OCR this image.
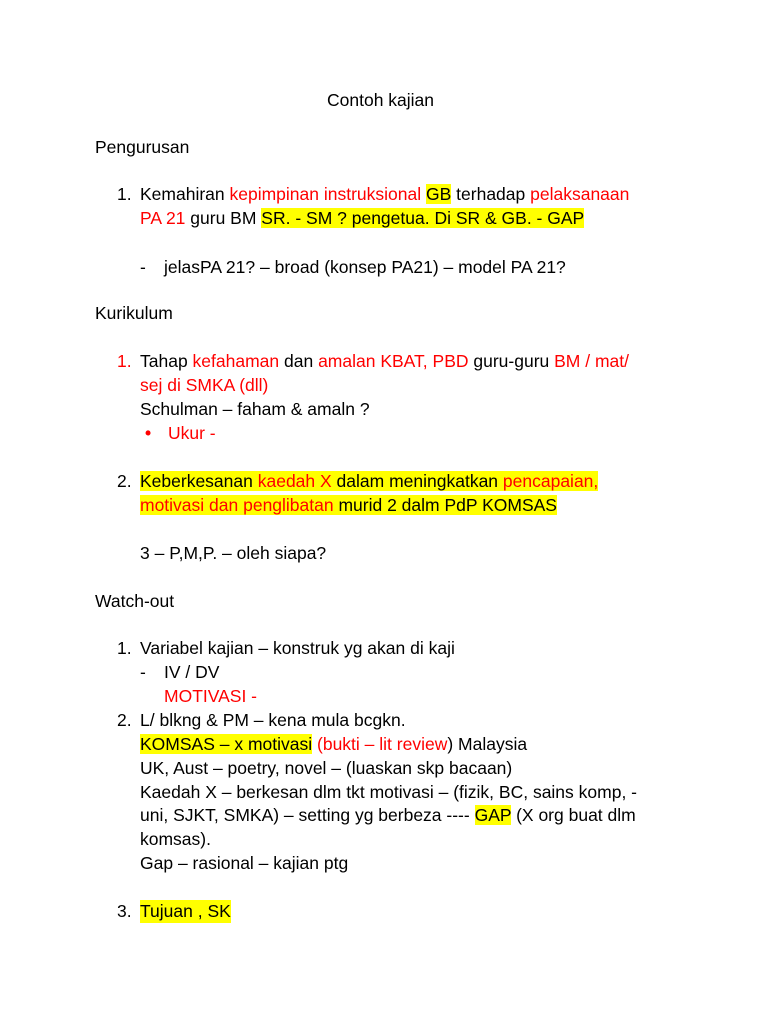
Contoh kajian
Pengurusan
1. Kemahiran kepimpinan instruksional GB terhadap pelaksanaan
PA 21 guru BM SR. - SM ? pengetua. Di SR & GB. - GAP
- jelasPA 21? – broad (konsep PA21) – model PA 21?
Kurikulum
1. Tahap kefahaman dan amalan KBAT, PBD guru-guru BM / mat/
sej di SMKA (dll)
Schulman – faham & amaln ?
• Ukur -
2. Keberkesanan kaedah X dalam meningkatkan pencapaian,
motivasi dan penglibatan murid 2 dalm PdP KOMSAS
3 – P,M,P. – oleh siapa?
Watch-out
1. Variabel kajian – konstruk yg akan di kaji
- IV / DV
MOTIVASI -
2. L/ blkng & PM – kena mula bcgkn.
KOMSAS – x motivasi (bukti – lit review) Malaysia
UK, Aust – poetry, novel – (luaskan skp bacaan)
Kaedah X – berkesan dlm tkt motivasi – (fizik, BC, sains komp, -
uni, SJKT, SMKA) – setting yg berbeza ---- GAP (X org buat dlm
komsas).
Gap – rasional – kajian ptg
3. Tujuan , SK
